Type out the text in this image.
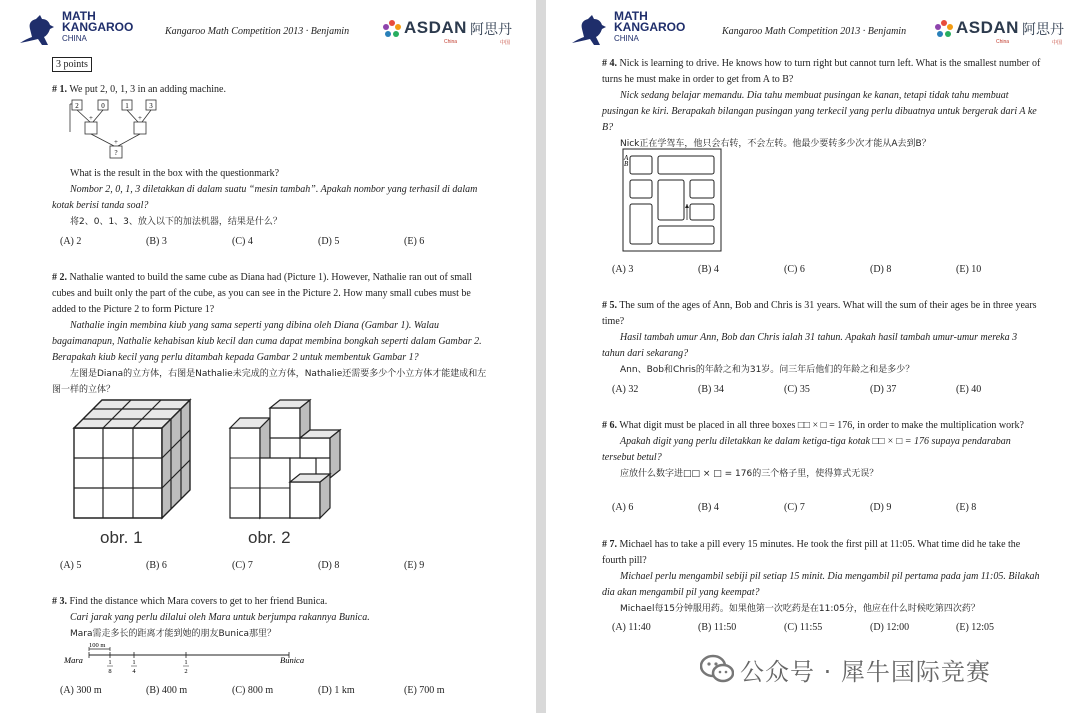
MATH
KANGAROO
CHINA
Kangaroo Math Competition 2013 · Benjamin	ASDAN 阿思丹
China	中国
3 points

# 1. We put 2, 0, 1, 3 in an adding machine.

2	0	1	3
+	+
+
?

What is the result in the box with the questionmark?

Nombor 2, 0, 1, 3 diletakkan di dalam suatu “mesin tambah”. Apakah nombor yang terhasil di dalam kotak berisi tanda soal?

将2、0、1、3、放入以下的加法机器，结果是什么？

(A) 2	(B) 3	(C) 4	(D) 5	(E) 6

# 2. Nathalie wanted to build the same cube as Diana had (Picture 1). However, Nathalie ran out of small cubes and built only the part of the cube, as you can see in the Picture 2. How many small cubes must be added to the Picture 2 to form Picture 1?

Nathalie ingin membina kiub yang sama seperti yang dibina oleh Diana (Gambar 1). Walau bagaimanapun, Nathalie kehabisan kiub kecil dan cuma dapat membina bongkah seperti dalam Gambar 2. Berapakah kiub kecil yang perlu ditambah kepada Gambar 2 untuk membentuk Gambar 1?

左图是Diana的立方体，右图是Nathalie未完成的立方体，Nathalie还需要多少个小立方体才能建成和左图一样的立体？

obr. 1	obr. 2
(A) 5	(B) 6	(C) 7	(D) 8	(E) 9

# 3. Find the distance which Mara covers to get to her friend Bunica.

Cari jarak yang perlu dilalui oleh Mara untuk berjumpa rakannya Bunica.

Mara需走多长的距离才能到她的朋友Bunica那里？

100 m
Mara	Bunica
1
8
1
4
1
2
(A) 300 m	(B) 400 m	(C) 800 m	(D) 1 km	(E) 700 m
MATH
KANGAROO
CHINA
Kangaroo Math Competition 2013 · Benjamin	ASDAN 阿思丹
China	中国

# 4. Nick is learning to drive. He knows how to turn right but cannot turn left. What is the smallest number of turns he must make in order to get from A to B?

Nick sedang belajar memandu. Dia tahu membuat pusingan ke kanan, tetapi tidak tahu membuat pusingan ke kiri. Berapakah bilangan pusingan yang terkecil yang perlu dibuatnya untuk bergerak dari A ke B?

Nick正在学驾车，他只会右转，不会左转。他最少要转多少次才能从A去到B？

A
B
(A) 3	(B) 4	(C) 6	(D) 8	(E) 10

# 5. The sum of the ages of Ann, Bob and Chris is 31 years. What will the sum of their ages be in three years time?

Hasil tambah umur Ann, Bob dan Chris ialah 31 tahun. Apakah hasil tambah umur-umur mereka 3 tahun dari sekarang?

Ann、Bob和Chris的年龄之和为31岁。问三年后他们的年龄之和是多少？

(A) 32	(B) 34	(C) 35	(D) 37	(E) 40

# 6. What digit must be placed in all three boxes □□ × □ = 176, in order to make the multiplication work?

Apakah digit yang perlu diletakkan ke dalam ketiga-tiga kotak □□ × □ = 176 supaya pendaraban tersebut betul?

应放什么数字进□□ × □ = 176的三个格子里，使得算式无误？

(A) 6	(B) 4	(C) 7	(D) 9	(E) 8

# 7. Michael has to take a pill every 15 minutes. He took the first pill at 11:05. What time did he take the fourth pill?

Michael perlu mengambil sebiji pil setiap 15 minit. Dia mengambil pil pertama pada jam 11:05. Bilakah dia akan mengambil pil yang keempat?

Michael每15分钟服用药。如果他第一次吃药是在11:05分，他应在什么时候吃第四次药？

(A) 11:40	(B) 11:50	(C) 11:55	(D) 12:00	(E) 12:05
公众号 · 犀牛国际竞赛
